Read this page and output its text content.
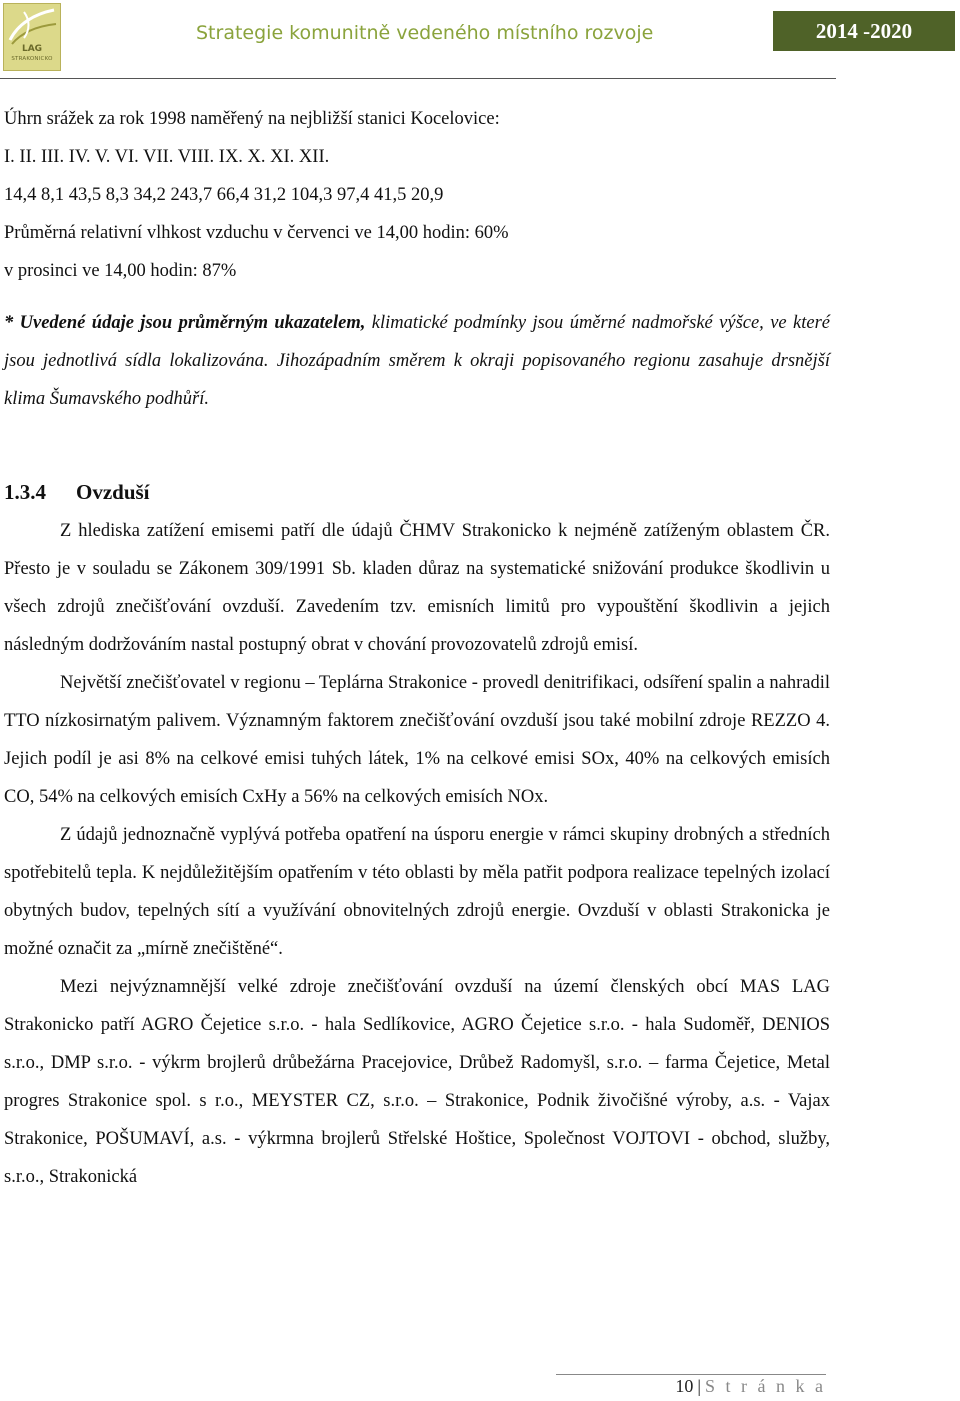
LAG
STRAKONICKO
Strategie komunitně vedeného místního rozvoje	2014 -2020
Úhrn srážek za rok 1998 naměřený na nejbližší stanici Kocelovice:
I. II. III. IV. V. VI. VII. VIII. IX. X. XI. XII.
14,4 8,1 43,5 8,3 34,2 243,7 66,4 31,2 104,3 97,4 41,5 20,9
Průměrná relativní vlhkost vzduchu v červenci ve 14,00 hodin: 60%
v prosinci ve 14,00 hodin: 87%

* Uvedené údaje jsou průměrným ukazatelem, klimatické podmínky jsou úměrné nadmořské výšce, ve které jsou jednotlivá sídla lokalizována. Jihozápadním směrem k okraji popisovaného regionu zasahuje drsnější klima Šumavského podhůří.

1.3.4 Ovzduší

Z hlediska zatížení emisemi patří dle údajů ČHMV Strakonicko k nejméně zatíženým oblastem ČR. Přesto je v souladu se Zákonem 309/1991 Sb. kladen důraz na systematické snižování produkce škodlivin u všech zdrojů znečišťování ovzduší. Zavedením tzv. emisních limitů pro vypouštění škodlivin a jejich následným dodržováním nastal postupný obrat v chování provozovatelů zdrojů emisí.

Největší znečišťovatel v regionu – Teplárna Strakonice - provedl denitrifikaci, odsíření spalin a nahradil TTO nízkosirnatým palivem. Významným faktorem znečišťování ovzduší jsou také mobilní zdroje REZZO 4. Jejich podíl je asi 8% na celkové emisi tuhých látek, 1% na celkové emisi SOx, 40% na celkových emisích CO, 54% na celkových emisích CxHy a 56% na celkových emisích NOx.

Z údajů jednoznačně vyplývá potřeba opatření na úsporu energie v rámci skupiny drobných a středních spotřebitelů tepla. K nejdůležitějším opatřením v této oblasti by měla patřit podpora realizace tepelných izolací obytných budov, tepelných sítí a využívání obnovitelných zdrojů energie. Ovzduší v oblasti Strakonicka je možné označit za „mírně znečištěné“.

Mezi nejvýznamnější velké zdroje znečišťování ovzduší na území členských obcí MAS LAG Strakonicko patří AGRO Čejetice s.r.o. - hala Sedlíkovice, AGRO Čejetice s.r.o. - hala Sudoměř, DENIOS s.r.o., DMP s.r.o. - výkrm brojlerů drůbežárna Pracejovice, Drůbež Radomyšl, s.r.o. – farma Čejetice, Metal progres Strakonice spol. s r.o., MEYSTER CZ, s.r.o. – Strakonice, Podnik živočišné výroby, a.s. - Vajax Strakonice, POŠUMAVÍ, a.s. - výkrmna brojlerů Střelské Hoštice, Společnost VOJTOVI - obchod, služby, s.r.o., Strakonická

10 | S t r á n k a
